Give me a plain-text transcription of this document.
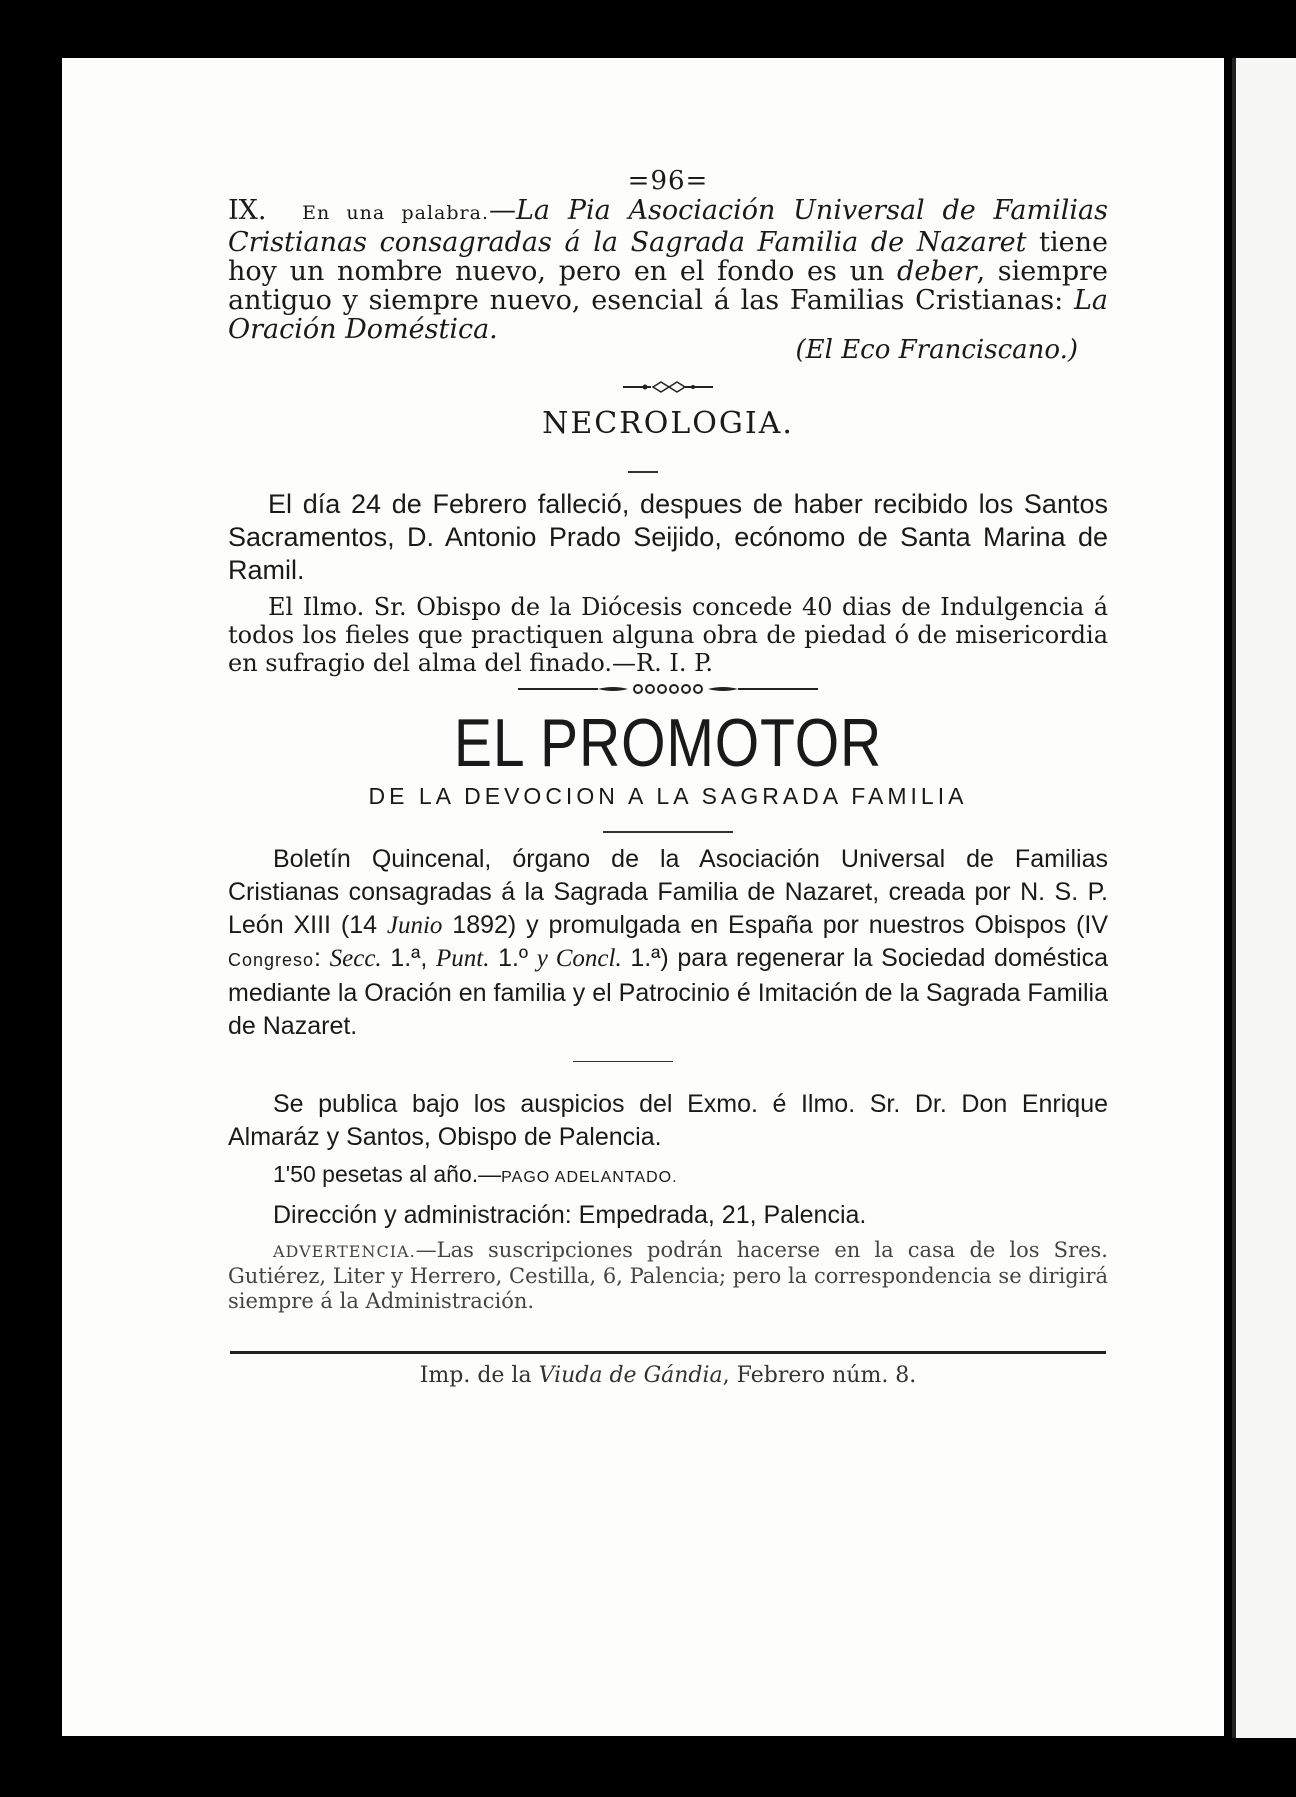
=96=

IX. En una palabra.—La Pia Asociación Universal de Familias Cristianas consagradas á la Sagrada Familia de Nazaret tiene hoy un nombre nuevo, pero en el fondo es un deber, siempre antiguo y siempre nuevo, esencial á las Familias Cristianas: La Oración Doméstica.

(El Eco Franciscano.)

NECROLOGIA.

El día 24 de Febrero falleció, despues de haber recibido los Santos Sacramentos, D. Antonio Prado Seijido, ecónomo de Santa Marina de Ramil.

El Ilmo. Sr. Obispo de la Diócesis concede 40 dias de Indulgencia á todos los fieles que practiquen alguna obra de piedad ó de misericordia en sufragio del alma del finado.—R. I. P.

EL PROMOTOR

DE LA DEVOCION A LA SAGRADA FAMILIA

Boletín Quincenal, órgano de la Asociación Universal de Familias Cristianas consagradas á la Sagrada Familia de Nazaret, creada por N. S. P. León XIII (14 Junio 1892) y promulgada en España por nuestros Obispos (IV Congreso: Secc. 1.ª, Punt. 1.º y Concl. 1.ª) para regenerar la Sociedad doméstica mediante la Oración en familia y el Patrocinio é Imitación de la Sagrada Familia de Nazaret.

Se publica bajo los auspicios del Exmo. é Ilmo. Sr. Dr. Don Enrique Almaráz y Santos, Obispo de Palencia.

1'50 pesetas al año.—PAGO ADELANTADO.

Dirección y administración: Empedrada, 21, Palencia.

ADVERTENCIA.—Las suscripciones podrán hacerse en la casa de los Sres. Gutiérez, Liter y Herrero, Cestilla, 6, Palencia; pero la correspondencia se dirigirá siempre á la Administración.

Imp. de la Viuda de Gándia, Febrero núm. 8.
